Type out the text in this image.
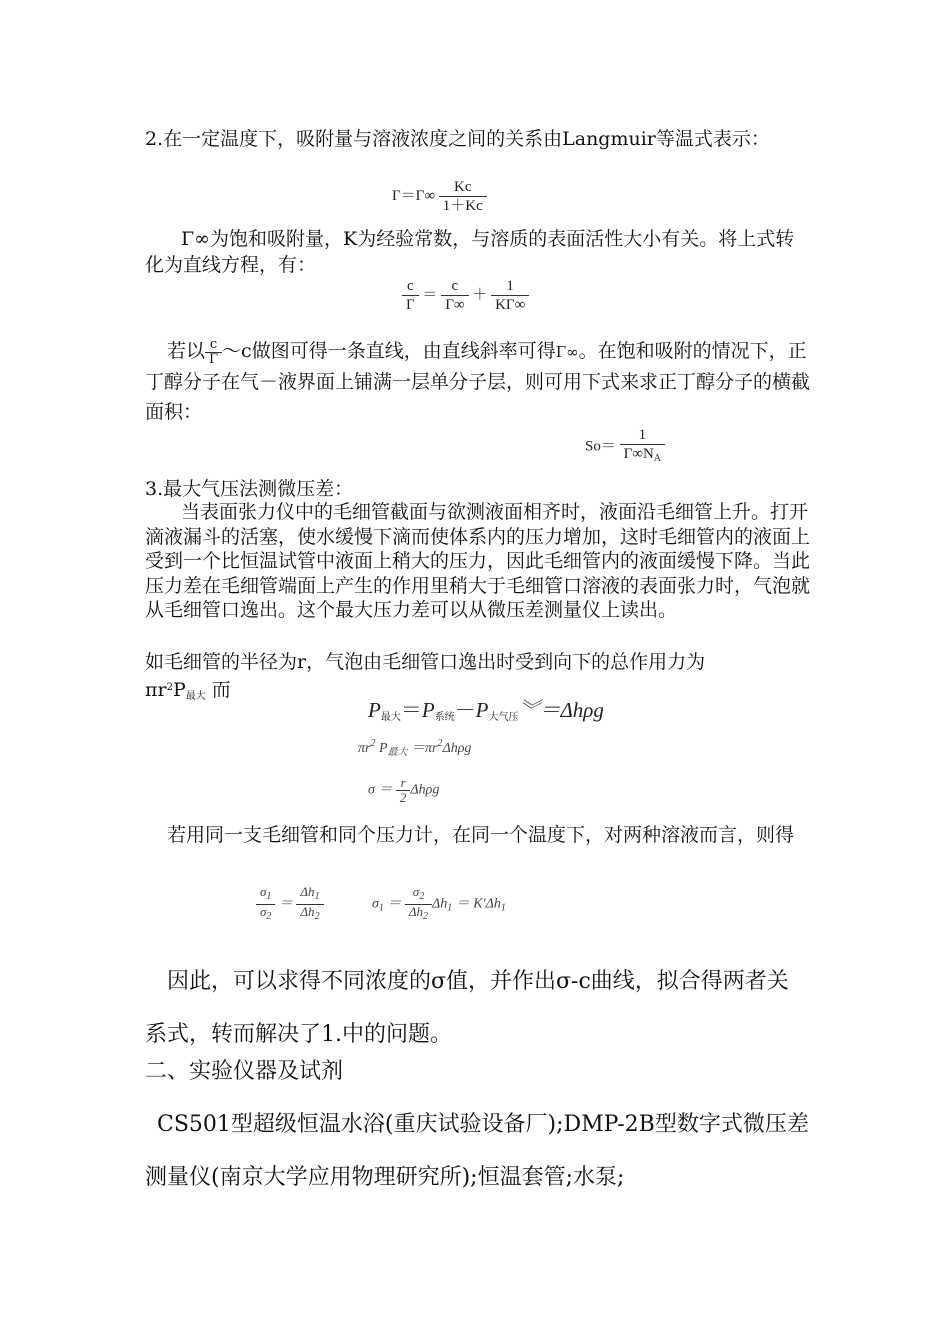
2.在一定温度下，吸附量与溶液浓度之间的关系由Langmuir等温式表示：
$\Gamma=\Gamma\infty \frac{Kc}{1+Kc}$
Γ∞为饱和吸附量，K为经验常数，与溶质的表面活性大小有关。将上式转化为直线方程，有：
$\frac{c}{\Gamma} = \frac{c}{\Gamma\infty} + \frac{1}{K\Gamma\infty}$
若以 $\frac{c}{\Gamma}$ ～c做图可得一条直线，由直线斜率可得Γ∞。在饱和吸附的情况下，正丁醇分子在气－液界面上铺满一层单分子层，则可用下式来求正丁醇分子的横截面积：
$So= \frac{1}{\Gamma\infty N_A}$
3.最大气压法测微压差：
当表面张力仪中的毛细管截面与欲测液面相齐时，液面沿毛细管上升。打开滴液漏斗的活塞，使水缓慢下滴而使体系内的压力增加，这时毛细管内的液面上受到一个比恒温试管中液面上稍大的压力，因此毛细管内的液面缓慢下降。当此压力差在毛细管端面上产生的作用里稍大于毛细管口溶液的表面张力时，气泡就从毛细管口逸出。这个最大压力差可以从微压差测量仪上读出。
如毛细管的半径为r，气泡由毛细管口逸出时受到向下的总作用力为
$\pi r^2P_{最大}$ 而
$P_{最大}=P_{系统}-P_{大气压}︾=\Delta h\rho g$
$\pi r^2$ $P_{最大} =\pi r^2\Delta h\rho g$
$\sigma = \frac{r}{2}$ Δhρg
若用同一支毛细管和同个压力计，在同一个温度下，对两种溶液而言，则得
$\frac{\sigma_1}{\sigma_2} = \frac{\Delta h_1}{\Delta h_2}$	$\sigma_1 = \frac{\sigma_2}{\Delta h_2} \Delta h_1 = K'\Delta h_1$
因此，可以求得不同浓度的σ值，并作出σ-c曲线，拟合得两者关系式，转而解决了1.中的问题。
二、实验仪器及试剂
CS501型超级恒温水浴(重庆试验设备厂);DMP-2B型数字式微压差测量仪(南京大学应用物理研究所);恒温套管;水泵;
